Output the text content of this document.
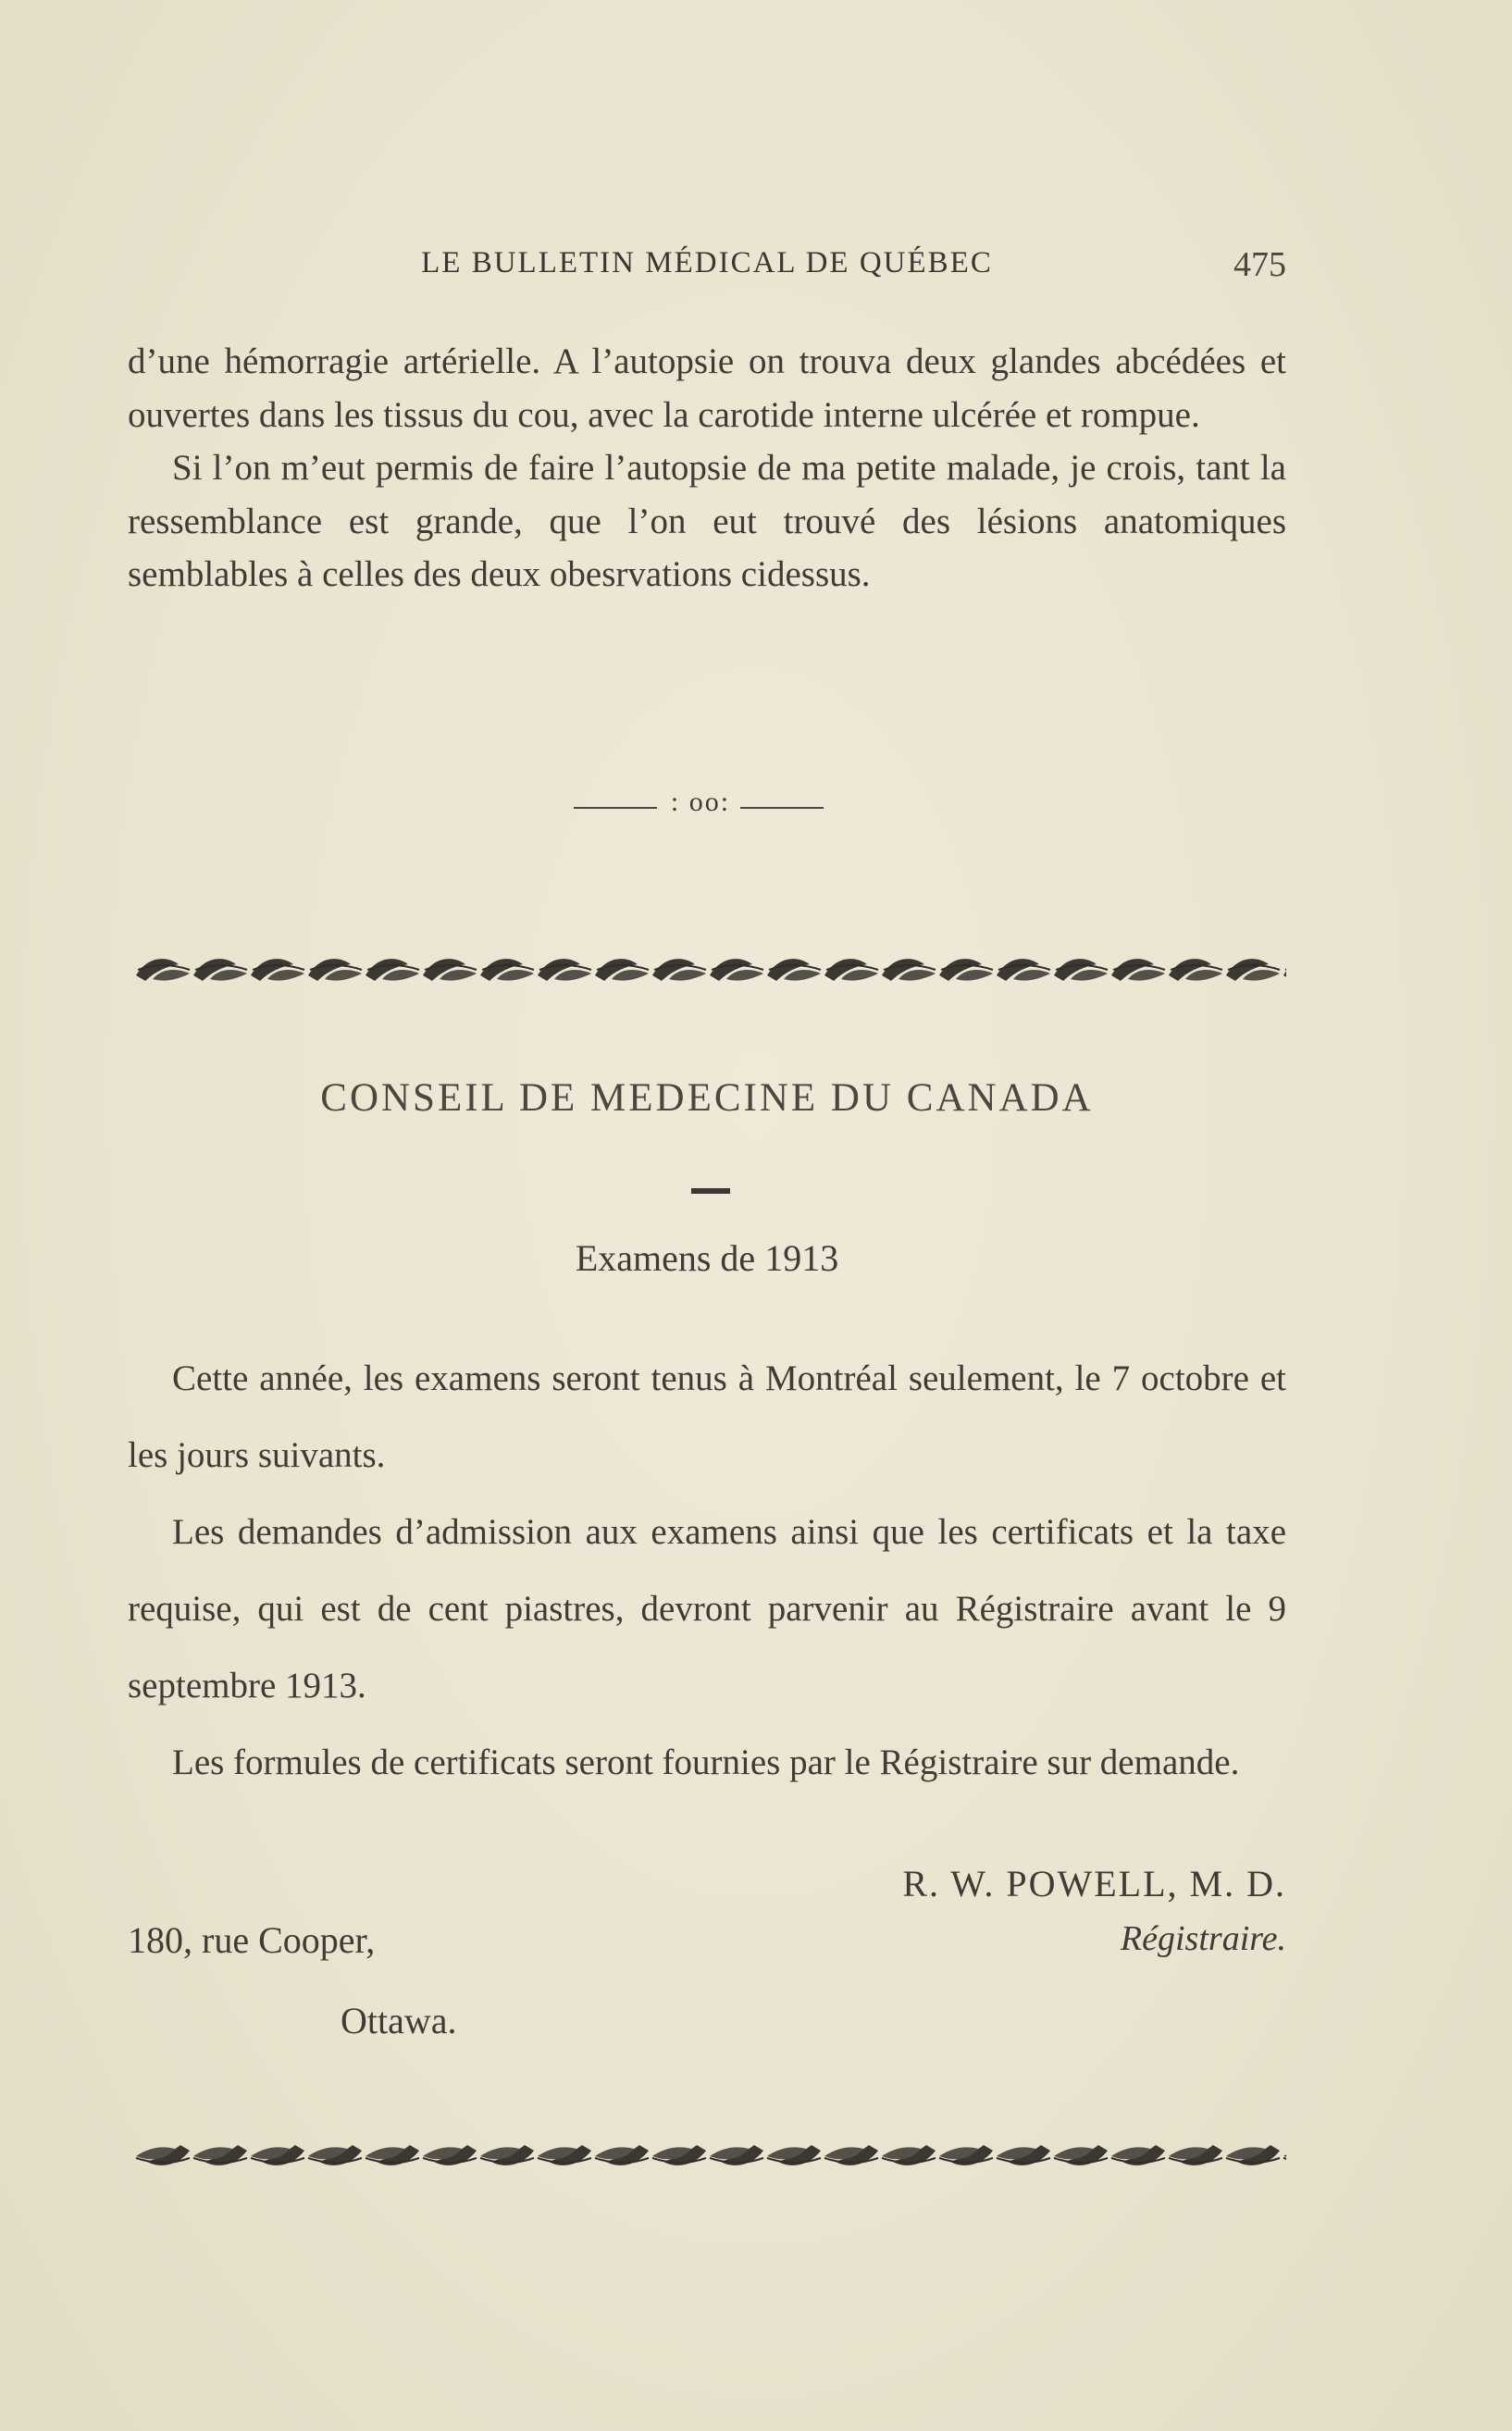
LE BULLETIN MÉDICAL DE QUÉBEC	475

d’une hémorragie artérielle. A l’autopsie on trouva deux glandes abcédées et ouvertes dans les tissus du cou, avec la carotide interne ulcérée et rompue.

Si l’on m’eut permis de faire l’autopsie de ma petite malade, je crois, tant la ressemblance est grande, que l’on eut trouvé des lésions anatomiques semblables à celles des deux obesrvations cidessus.

: oo:
CONSEIL DE MEDECINE DU CANADA
Examens de 1913

Cette année, les examens seront tenus à Montréal seulement, le 7 octobre et les jours suivants.

Les demandes d’admission aux examens ainsi que les certificats et la taxe requise, qui est de cent piastres, devront parvenir au Régistraire avant le 9 septembre 1913.

Les formules de certificats seront fournies par le Régistraire sur demande.

R. W. POWELL, M. D.
180, rue Cooper,	Régistraire.
Ottawa.
